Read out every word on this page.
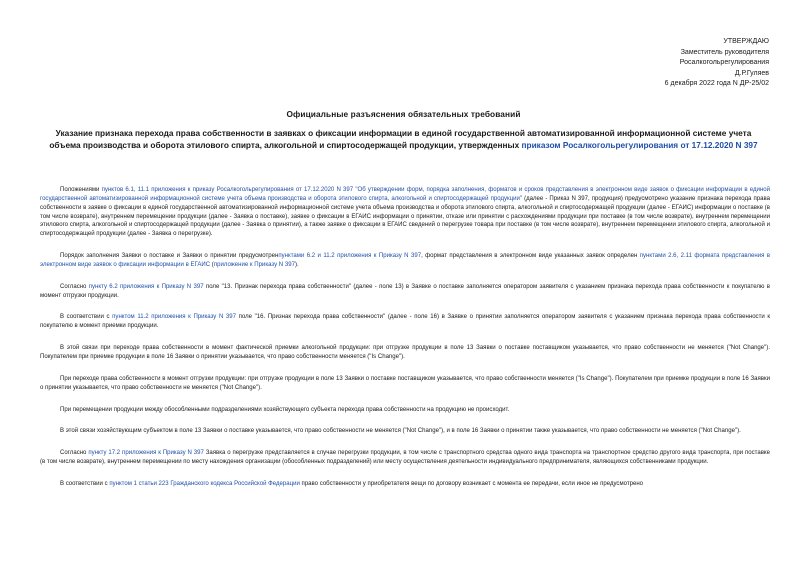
УТВЕРЖДАЮ
Заместитель руководителя
Росалкогольрегулирования
Д.Р.Гуляев
6 декабря 2022 года N ДР-25/02
Официальные разъяснения обязательных требований
Указание признака перехода права собственности в заявках о фиксации информации в единой государственной автоматизированной информационной системе учета объема производства и оборота этилового спирта, алкогольной и спиртосодержащей продукции, утвержденных приказом Росалкогольрегулирования от 17.12.2020 N 397

Положениями пунктов 6.1, 11.1 приложения к приказу Росалкогольрегулирования от 17.12.2020 N 397 "Об утверждении форм, порядка заполнения, форматов и сроков представления в электронном виде заявок о фиксации информации в единой государственной автоматизированной информационной системе учета объема производства и оборота этилового спирта, алкогольной и спиртосодержащей продукции" (далее - Приказ N 397, продукция) предусмотрено указание признака перехода права собственности в заявке о фиксации в единой государственной автоматизированной информационной системе учета объема производства и оборота этилового спирта, алкогольной и спиртосодержащей продукции (далее - ЕГАИС) информации о поставке (в том числе возврате), внутреннем перемещении продукции (далее - Заявка о поставке), заявке о фиксации в ЕГАИС информации о принятии, отказе или принятии с расхождениями продукции при поставке (в том числе возврате), внутреннем перемещении этилового спирта, алкогольной и спиртосодержащей продукции (далее - Заявка о принятии), а также заявке о фиксации в ЕГАИС сведений о перегрузке товара при поставке (в том числе возврате), внутреннем перемещении этилового спирта, алкогольной и спиртосодержащей продукции (далее - Заявка о перегрузке).

Порядок заполнения Заявки о поставке и Заявки о принятии предусмотренпунктами 6.2 и 11.2 приложения к Приказу N 397, формат представления в электронном виде указанных заявок определен пунктами 2.6, 2.11 формата представления в электронном виде заявок о фиксации информации в ЕГАИС (приложение к Приказу N 397).

Согласно пункту 6.2 приложения к Приказу N 397 поле "13. Признак перехода права собственности" (далее - поле 13) в Заявке о поставке заполняется оператором заявителя с указанием признака перехода права собственности к покупателю в момент отгрузки продукции.

В соответствии с пунктом 11.2 приложения к Приказу N 397 поле "16. Признак перехода права собственности" (далее - поле 16) в Заявке о принятии заполняется оператором заявителя с указанием признака перехода права собственности к покупателю в момент приемки продукции.

В этой связи при переходе права собственности в момент фактической приемки алкогольной продукции: при отгрузке продукции в поле 13 Заявки о поставке поставщиком указывается, что право собственности не меняется ("Not Change"). Покупателем при приемке продукции в поле 16 Заявки о принятии указывается, что право собственности меняется ("Is Change").

При переходе права собственности в момент отгрузки продукции: при отгрузке продукции в поле 13 Заявки о поставке поставщиком указывается, что право собственности меняется ("Is Change"). Покупателем при приемке продукции в поле 16 Заявки о принятии указывается, что право собственности не меняется ("Not Change").

При перемещении продукции между обособленными подразделениями хозяйствующего субъекта перехода права собственности на продукцию не происходит.

В этой связи хозяйствующим субъектом в поле 13 Заявки о поставке указывается, что право собственности не меняется ("Not Change"), и в поле 16 Заявки о принятии также указывается, что право собственности не меняется ("Not Change").

Согласно пункту 17.2 приложения к Приказу N 397 Заявка о перегрузке представляется в случае перегрузки продукции, в том числе с транспортного средства одного вида транспорта на транспортное средство другого вида транспорта, при поставке (в том числе возврате), внутреннем перемещении по месту нахождения организации (обособленных подразделений) или месту осуществления деятельности индивидуального предпринимателя, являющихся собственниками продукции.

В соответствии с пунктом 1 статьи 223 Гражданского кодекса Российской Федерации право собственности у приобретателя вещи по договору возникает с момента ее передачи, если иное не предусмотрено
